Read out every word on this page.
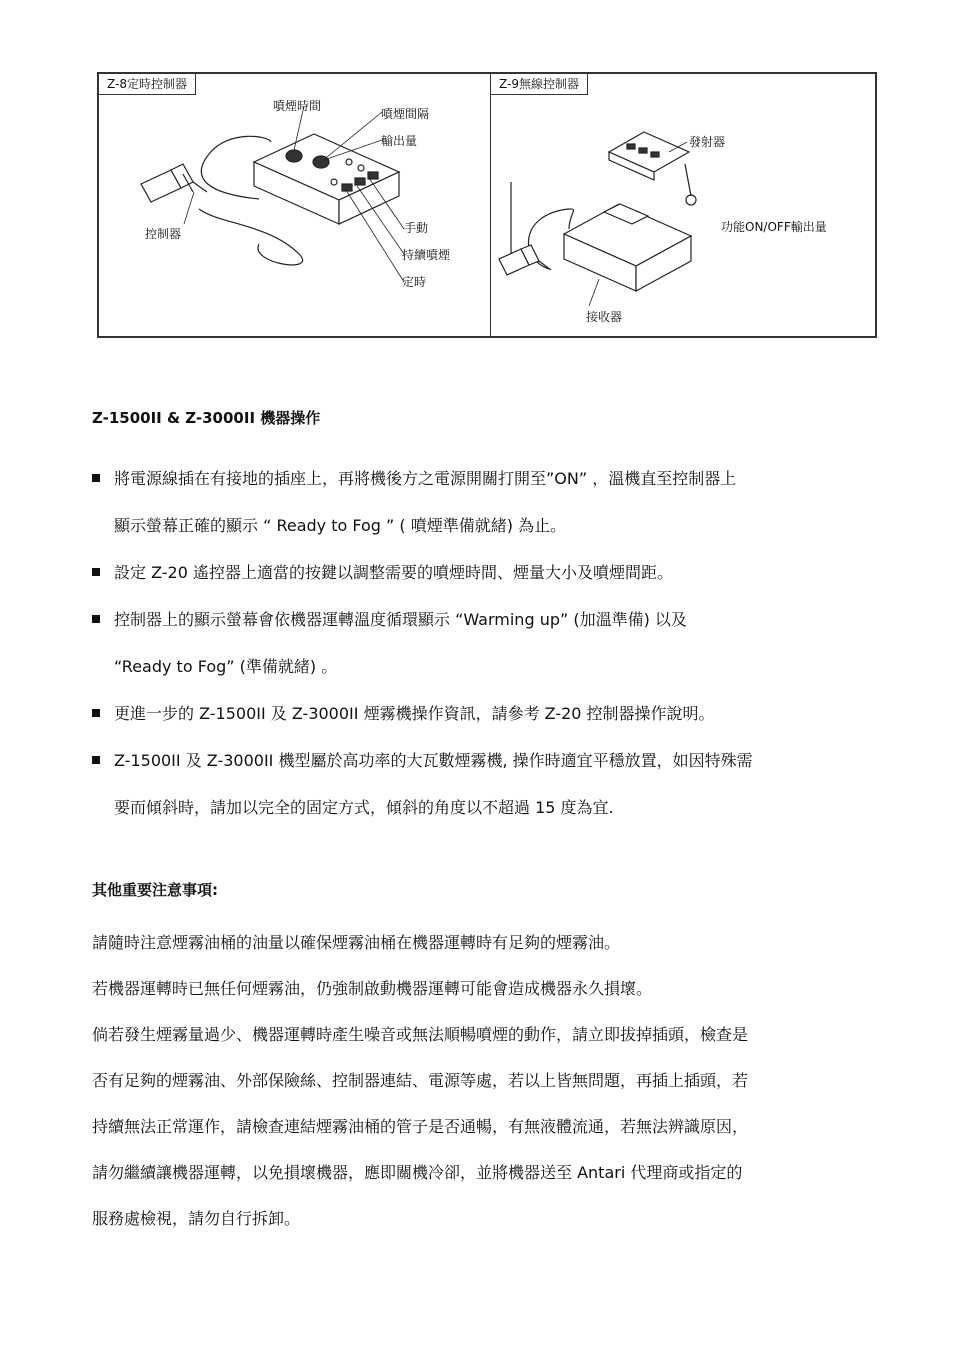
Z-8定時控制器	Z-9無線控制器
噴煙時間
噴煙間隔
輸出量
控制器	手動
持續噴煙
定時
發射器
功能ON/OFF輸出量
接收器
Z-1500II & Z-3000II 機器操作
將電源線插在有接地的插座上，再將機後方之電源開關打開至”ON” ，溫機直至控制器上
顯示螢幕正確的顯示 “ Ready to Fog ” ( 噴煙準備就緒) 為止。
設定 Z-20 遙控器上適當的按鍵以調整需要的噴煙時間、煙量大小及噴煙間距。
控制器上的顯示螢幕會依機器運轉溫度循環顯示 “Warming up” (加溫準備) 以及
“Ready to Fog” (準備就緒) 。
更進一步的 Z-1500II 及 Z-3000II 煙霧機操作資訊，請參考 Z-20 控制器操作說明。
Z-1500II 及 Z-3000II 機型屬於高功率的大瓦數煙霧機, 操作時適宜平穩放置，如因特殊需
要而傾斜時，請加以完全的固定方式，傾斜的角度以不超過 15 度為宜.
其他重要注意事項:

請隨時注意煙霧油桶的油量以確保煙霧油桶在機器運轉時有足夠的煙霧油。

若機器運轉時已無任何煙霧油，仍強制啟動機器運轉可能會造成機器永久損壞。

倘若發生煙霧量過少、機器運轉時產生噪音或無法順暢噴煙的動作，請立即拔掉插頭，檢查是

否有足夠的煙霧油、外部保險絲、控制器連結、電源等處，若以上皆無問題，再插上插頭，若

持續無法正常運作，請檢查連結煙霧油桶的管子是否通暢，有無液體流通，若無法辨識原因，

請勿繼續讓機器運轉，以免損壞機器，應即關機冷卻，並將機器送至 Antari 代理商或指定的

服務處檢視，請勿自行拆卸。
